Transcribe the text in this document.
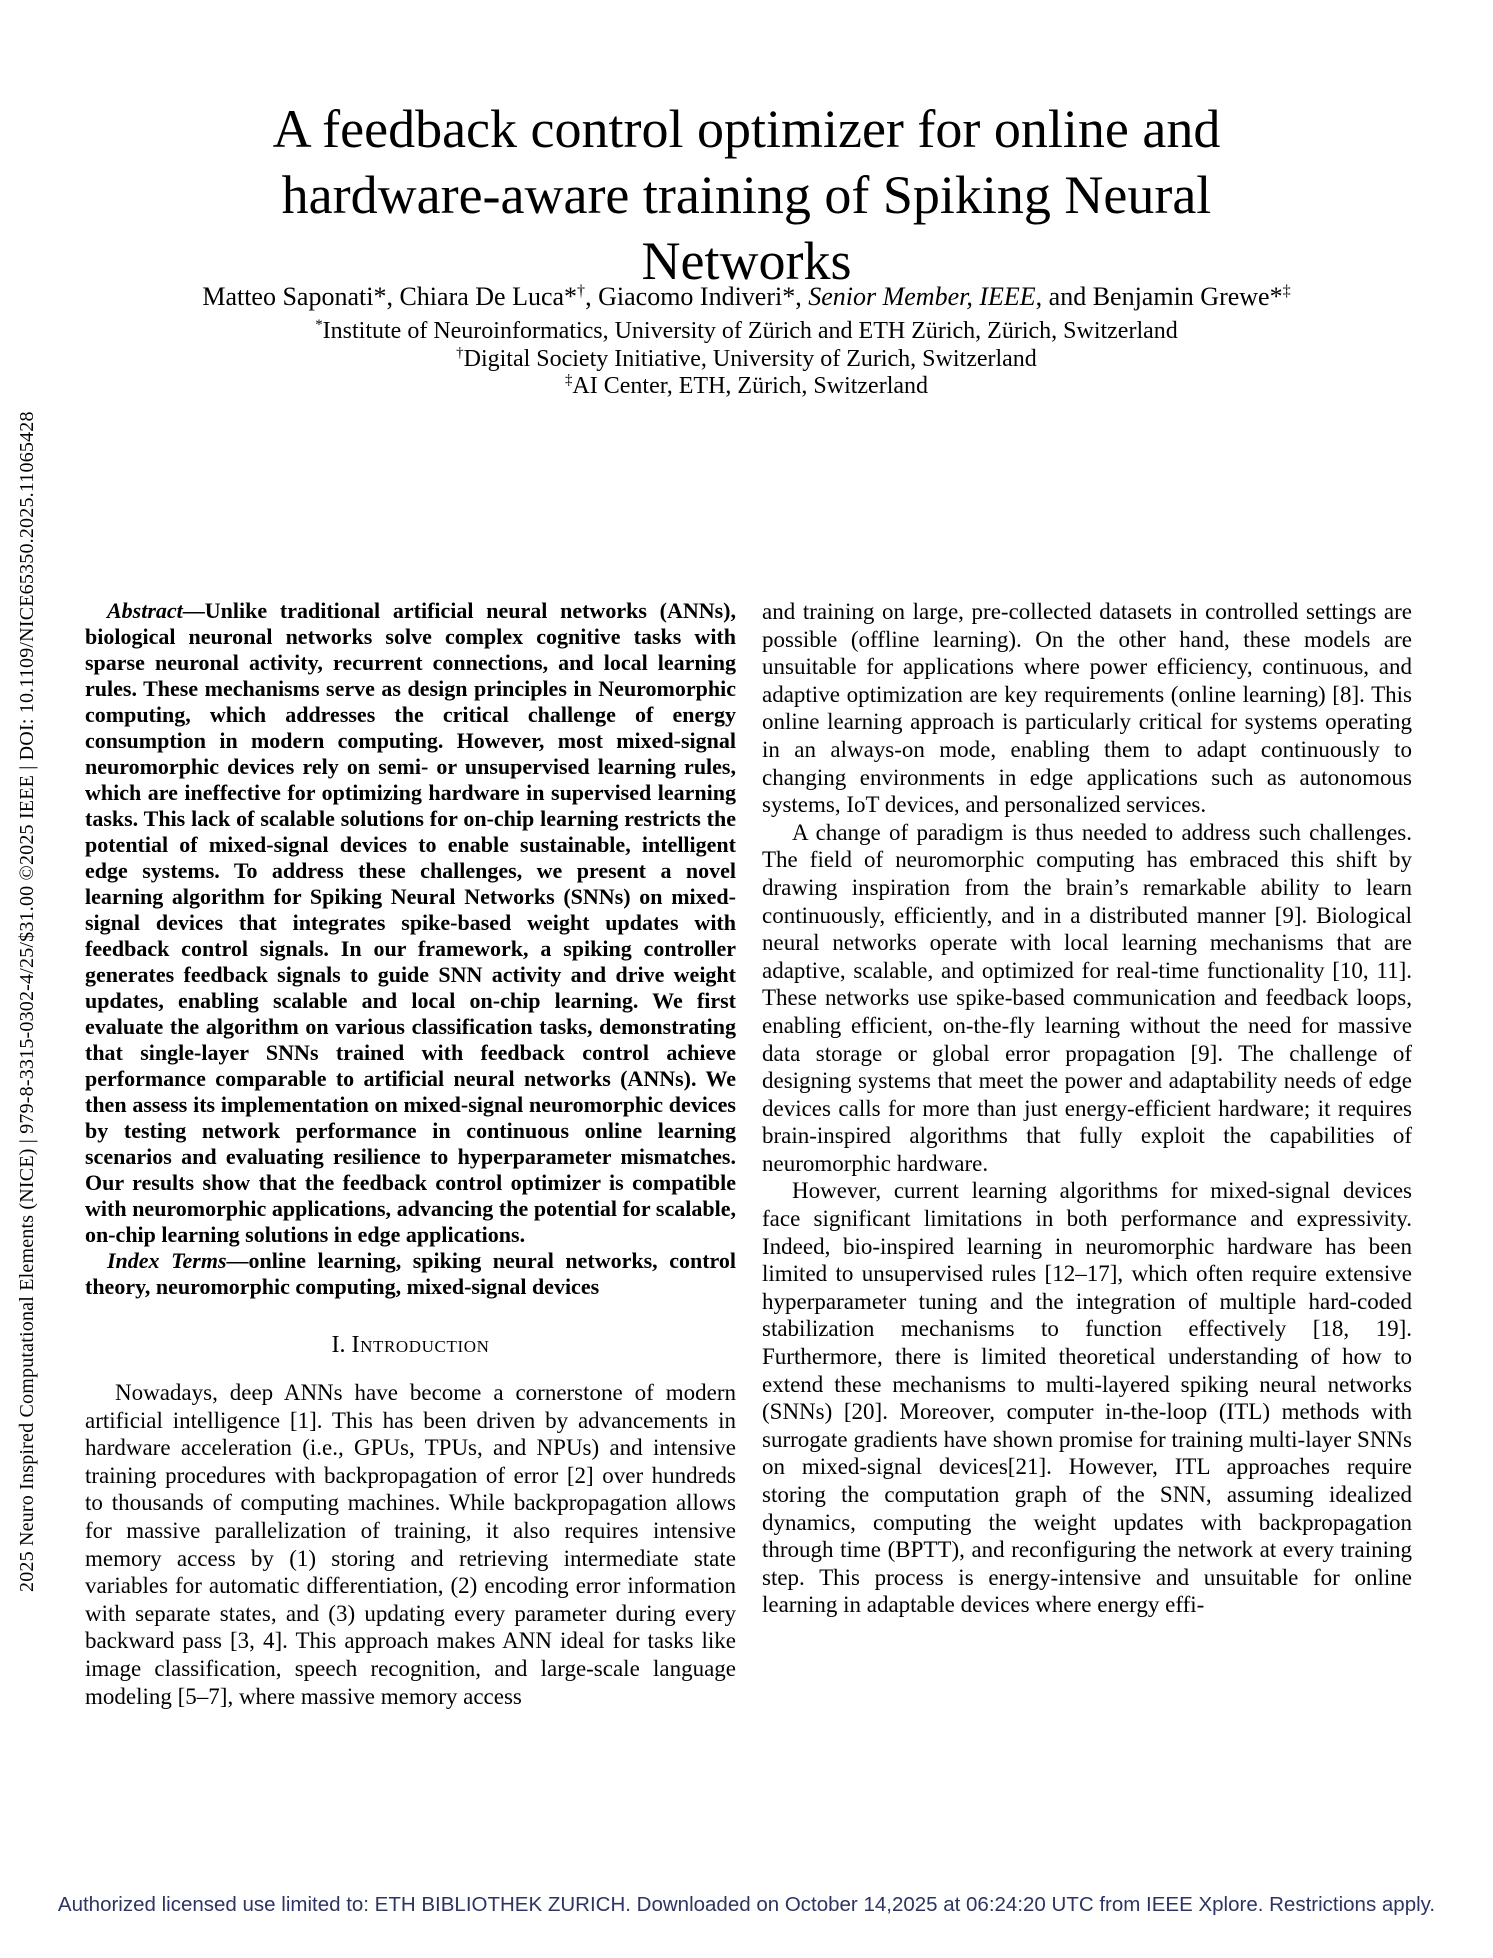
2025 Neuro Inspired Computational Elements (NICE) | 979-8-3315-0302-4/25/$31.00 ©2025 IEEE | DOI: 10.1109/NICE65350.2025.11065428
A feedback control optimizer for online and
hardware-aware training of Spiking Neural
Networks
Matteo Saponati*, Chiara De Luca*†, Giacomo Indiveri*, Senior Member, IEEE, and Benjamin Grewe*‡
*Institute of Neuroinformatics, University of Zürich and ETH Zürich, Zürich, Switzerland
†Digital Society Initiative, University of Zurich, Switzerland
‡AI Center, ETH, Zürich, Switzerland

Abstract—Unlike traditional artificial neural networks (ANNs), biological neuronal networks solve complex cognitive tasks with sparse neuronal activity, recurrent connections, and local learning rules. These mechanisms serve as design principles in Neuromorphic computing, which addresses the critical challenge of energy consumption in modern computing. However, most mixed-signal neuromorphic devices rely on semi- or unsupervised learning rules, which are ineffective for optimizing hardware in supervised learning tasks. This lack of scalable solutions for on-chip learning restricts the potential of mixed-signal devices to enable sustainable, intelligent edge systems. To address these challenges, we present a novel learning algorithm for Spiking Neural Networks (SNNs) on mixed-signal devices that integrates spike-based weight updates with feedback control signals. In our framework, a spiking controller generates feedback signals to guide SNN activity and drive weight updates, enabling scalable and local on-chip learning. We first evaluate the algorithm on various classification tasks, demonstrating that single-layer SNNs trained with feedback control achieve performance comparable to artificial neural networks (ANNs). We then assess its implementation on mixed-signal neuromorphic devices by testing network performance in continuous online learning scenarios and evaluating resilience to hyperparameter mismatches. Our results show that the feedback control optimizer is compatible with neuromorphic applications, advancing the potential for scalable, on-chip learning solutions in edge applications.

Index Terms—online learning, spiking neural networks, control theory, neuromorphic computing, mixed-signal devices

I. Introduction

Nowadays, deep ANNs have become a cornerstone of modern artificial intelligence [1]. This has been driven by advancements in hardware acceleration (i.e., GPUs, TPUs, and NPUs) and intensive training procedures with backpropagation of error [2] over hundreds to thousands of computing machines. While backpropagation allows for massive parallelization of training, it also requires intensive memory access by (1) storing and retrieving intermediate state variables for automatic differentiation, (2) encoding error information with separate states, and (3) updating every parameter during every backward pass [3, 4]. This approach makes ANN ideal for tasks like image classification, speech recognition, and large-scale language modeling [5–7], where massive memory access

and training on large, pre-collected datasets in controlled settings are possible (offline learning). On the other hand, these models are unsuitable for applications where power efficiency, continuous, and adaptive optimization are key requirements (online learning) [8]. This online learning approach is particularly critical for systems operating in an always-on mode, enabling them to adapt continuously to changing environments in edge applications such as autonomous systems, IoT devices, and personalized services.

A change of paradigm is thus needed to address such challenges. The field of neuromorphic computing has embraced this shift by drawing inspiration from the brain’s remarkable ability to learn continuously, efficiently, and in a distributed manner [9]. Biological neural networks operate with local learning mechanisms that are adaptive, scalable, and optimized for real-time functionality [10, 11]. These networks use spike-based communication and feedback loops, enabling efficient, on-the-fly learning without the need for massive data storage or global error propagation [9]. The challenge of designing systems that meet the power and adaptability needs of edge devices calls for more than just energy-efficient hardware; it requires brain-inspired algorithms that fully exploit the capabilities of neuromorphic hardware.

However, current learning algorithms for mixed-signal devices face significant limitations in both performance and expressivity. Indeed, bio-inspired learning in neuromorphic hardware has been limited to unsupervised rules [12–17], which often require extensive hyperparameter tuning and the integration of multiple hard-coded stabilization mechanisms to function effectively [18, 19]. Furthermore, there is limited theoretical understanding of how to extend these mechanisms to multi-layered spiking neural networks (SNNs) [20]. Moreover, computer in-the-loop (ITL) methods with surrogate gradients have shown promise for training multi-layer SNNs on mixed-signal devices[21]. However, ITL approaches require storing the computation graph of the SNN, assuming idealized dynamics, computing the weight updates with backpropagation through time (BPTT), and reconfiguring the network at every training step. This process is energy-intensive and unsuitable for online learning in adaptable devices where energy effi-

Authorized licensed use limited to: ETH BIBLIOTHEK ZURICH. Downloaded on October 14,2025 at 06:24:20 UTC from IEEE Xplore. Restrictions apply.
